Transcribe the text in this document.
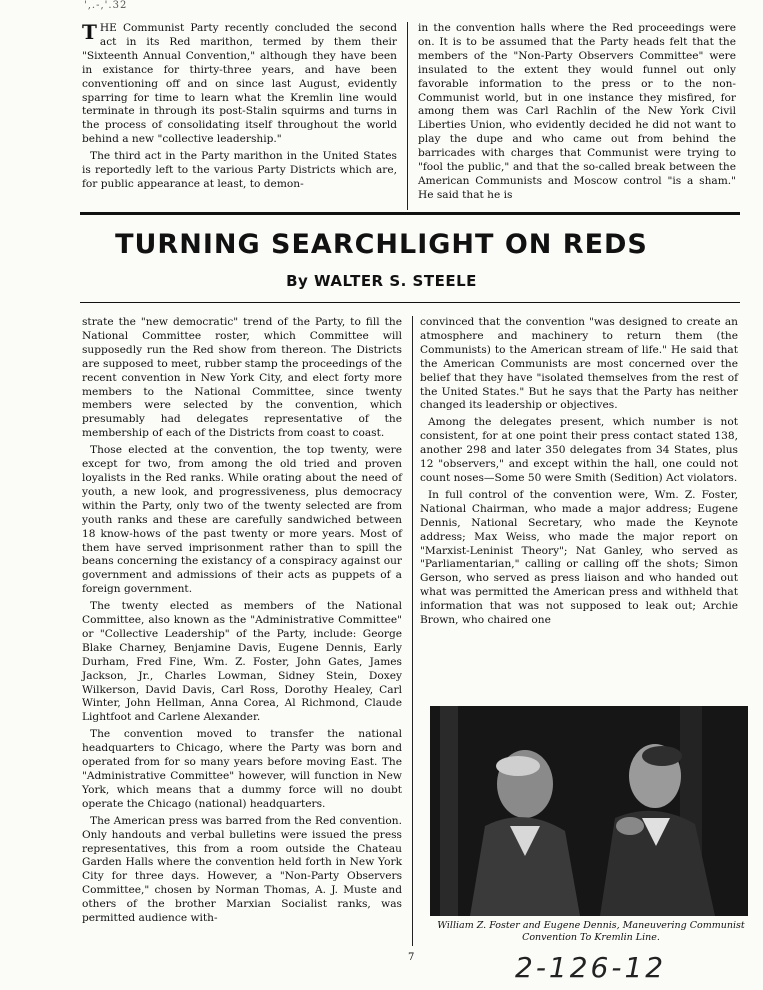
',.-,'.32

THE Communist Party recently concluded the second act in its Red marithon, termed by them their "Sixteenth Annual Convention," although they have been in existance for thirty-three years, and have been conventioning off and on since last August, evidently sparring for time to learn what the Kremlin line would terminate in through its post-Stalin squirms and turns in the process of consolidating itself throughout the world behind a new "collective leadership."

The third act in the Party marithon in the United States is reportedly left to the various Party Districts which are, for public appearance at least, to demon-

in the convention halls where the Red proceedings were on. It is to be assumed that the Party heads felt that the members of the "Non-Party Observers Committee" were insulated to the extent they would funnel out only favorable information to the press or to the non-Communist world, but in one instance they misfired, for among them was Carl Rachlin of the New York Civil Liberties Union, who evidently decided he did not want to play the dupe and who came out from behind the barricades with charges that Communist were trying to "fool the public," and that the so-called break between the American Communists and Moscow control "is a sham." He said that he is

TURNING SEARCHLIGHT ON REDS
By WALTER S. STEELE

strate the "new democratic" trend of the Party, to fill the National Committee roster, which Committee will supposedly run the Red show from thereon. The Districts are supposed to meet, rubber stamp the proceedings of the recent convention in New York City, and elect forty more members to the National Committee, since twenty members were selected by the convention, which presumably had delegates representative of the membership of each of the Districts from coast to coast.

Those elected at the convention, the top twenty, were except for two, from among the old tried and proven loyalists in the Red ranks. While orating about the need of youth, a new look, and progressiveness, plus democracy within the Party, only two of the twenty selected are from youth ranks and these are carefully sandwiched between 18 know-hows of the past twenty or more years. Most of them have served imprisonment rather than to spill the beans concerning the existancy of a conspiracy against our government and admissions of their acts as puppets of a foreign government.

The twenty elected as members of the National Committee, also known as the "Administrative Committee" or "Collective Leadership" of the Party, include: George Blake Charney, Benjamine Davis, Eugene Dennis, Early Durham, Fred Fine, Wm. Z. Foster, John Gates, James Jackson, Jr., Charles Lowman, Sidney Stein, Doxey Wilkerson, David Davis, Carl Ross, Dorothy Healey, Carl Winter, John Hellman, Anna Corea, Al Richmond, Claude Lightfoot and Carlene Alexander.

The convention moved to transfer the national headquarters to Chicago, where the Party was born and operated from for so many years before moving East. The "Administrative Committee" however, will function in New York, which means that a dummy force will no doubt operate the Chicago (national) headquarters.

The American press was barred from the Red convention. Only handouts and verbal bulletins were issued the press representatives, this from a room outside the Chateau Garden Halls where the convention held forth in New York City for three days. However, a "Non-Party Observers Committee," chosen by Norman Thomas, A. J. Muste and others of the brother Marxian Socialist ranks, was permitted audience with-

convinced that the convention "was designed to create an atmosphere and machinery to return them (the Communists) to the American stream of life." He said that the American Communists are most concerned over the belief that they have "isolated themselves from the rest of the United States." But he says that the Party has neither changed its leadership or objectives.

Among the delegates present, which number is not consistent, for at one point their press contact stated 138, another 298 and later 350 delegates from 34 States, plus 12 "observers," and except within the hall, one could not count noses—Some 50 were Smith (Sedition) Act violators.

In full control of the convention were, Wm. Z. Foster, National Chairman, who made a major address; Eugene Dennis, National Secretary, who made the Keynote address; Max Weiss, who made the major report on "Marxist-Leninist Theory"; Nat Ganley, who served as "Parliamentarian," calling or calling off the shots; Simon Gerson, who served as press liaison and who handed out what was permitted the American press and withheld that information that was not supposed to leak out; Archie Brown, who chaired one

William Z. Foster and Eugene Dennis, Maneuvering Communist Convention To Kremlin Line.
7	2-126-12
